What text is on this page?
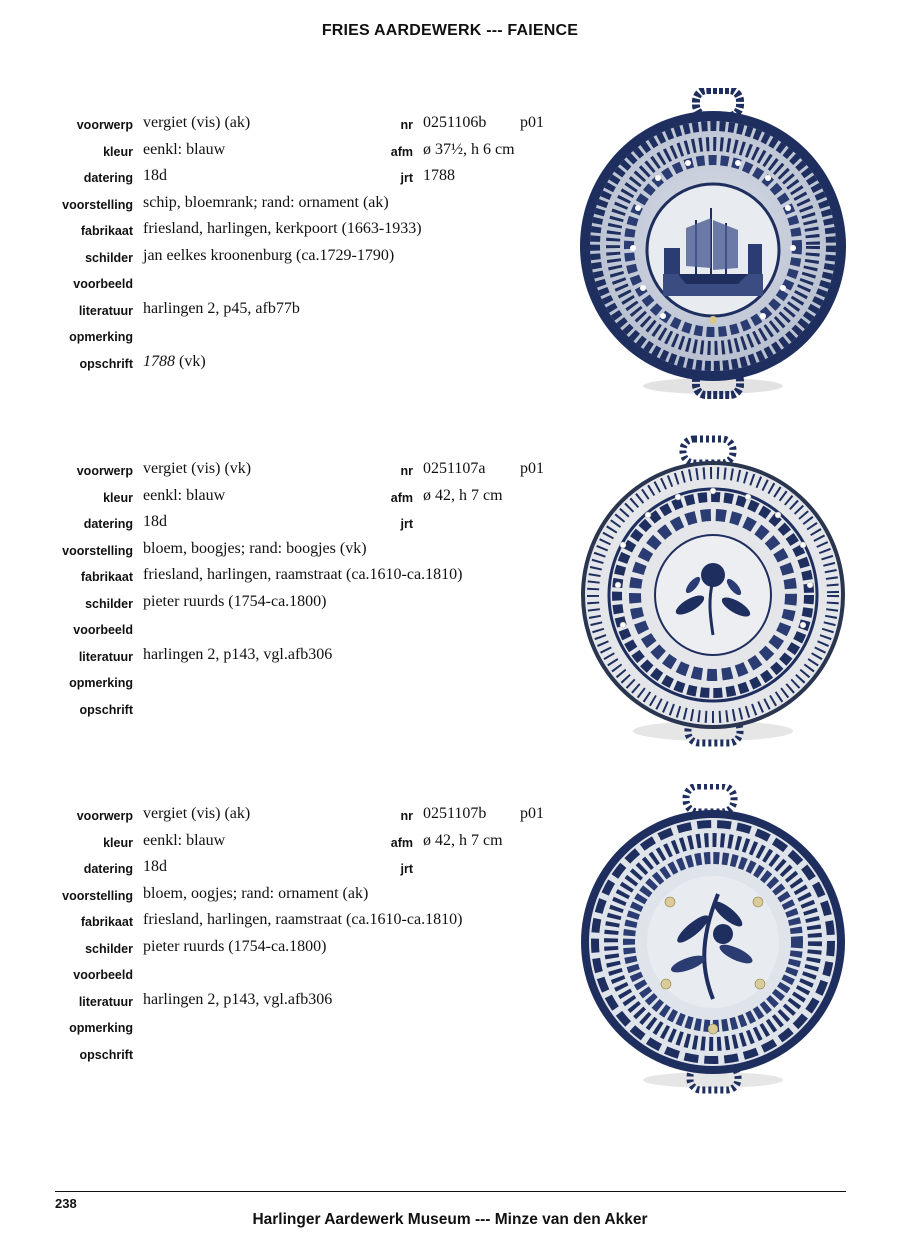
FRIES AARDEWERK --- FAIENCE
voorwerp vergiet (vis) (ak)	nr 0251106b p01
kleur eenkl: blauw	afm ø 37½, h 6 cm
datering 18d	jrt 1788
voorstelling schip, bloemrank; rand: ornament (ak)
fabrikaat friesland, harlingen, kerkpoort (1663-1933)
schilder jan eelkes kroonenburg (ca.1729-1790)
voorbeeld
literatuur harlingen 2, p45, afb77b
opmerking
opschrift 1788 (vk)
voorwerp vergiet (vis) (vk)	nr 0251107a p01
kleur eenkl: blauw	afm ø 42, h 7 cm
datering 18d	jrt
voorstelling bloem, boogjes; rand: boogjes (vk)
fabrikaat friesland, harlingen, raamstraat (ca.1610-ca.1810)
schilder pieter ruurds (1754-ca.1800)
voorbeeld
literatuur harlingen 2, p143, vgl.afb306
opmerking
opschrift
voorwerp vergiet (vis) (ak)	nr 0251107b p01
kleur eenkl: blauw	afm ø 42, h 7 cm
datering 18d	jrt
voorstelling bloem, oogjes; rand: ornament (ak)
fabrikaat friesland, harlingen, raamstraat (ca.1610-ca.1810)
schilder pieter ruurds (1754-ca.1800)
voorbeeld
literatuur harlingen 2, p143, vgl.afb306
opmerking
opschrift
238
Harlinger Aardewerk Museum --- Minze van den Akker
